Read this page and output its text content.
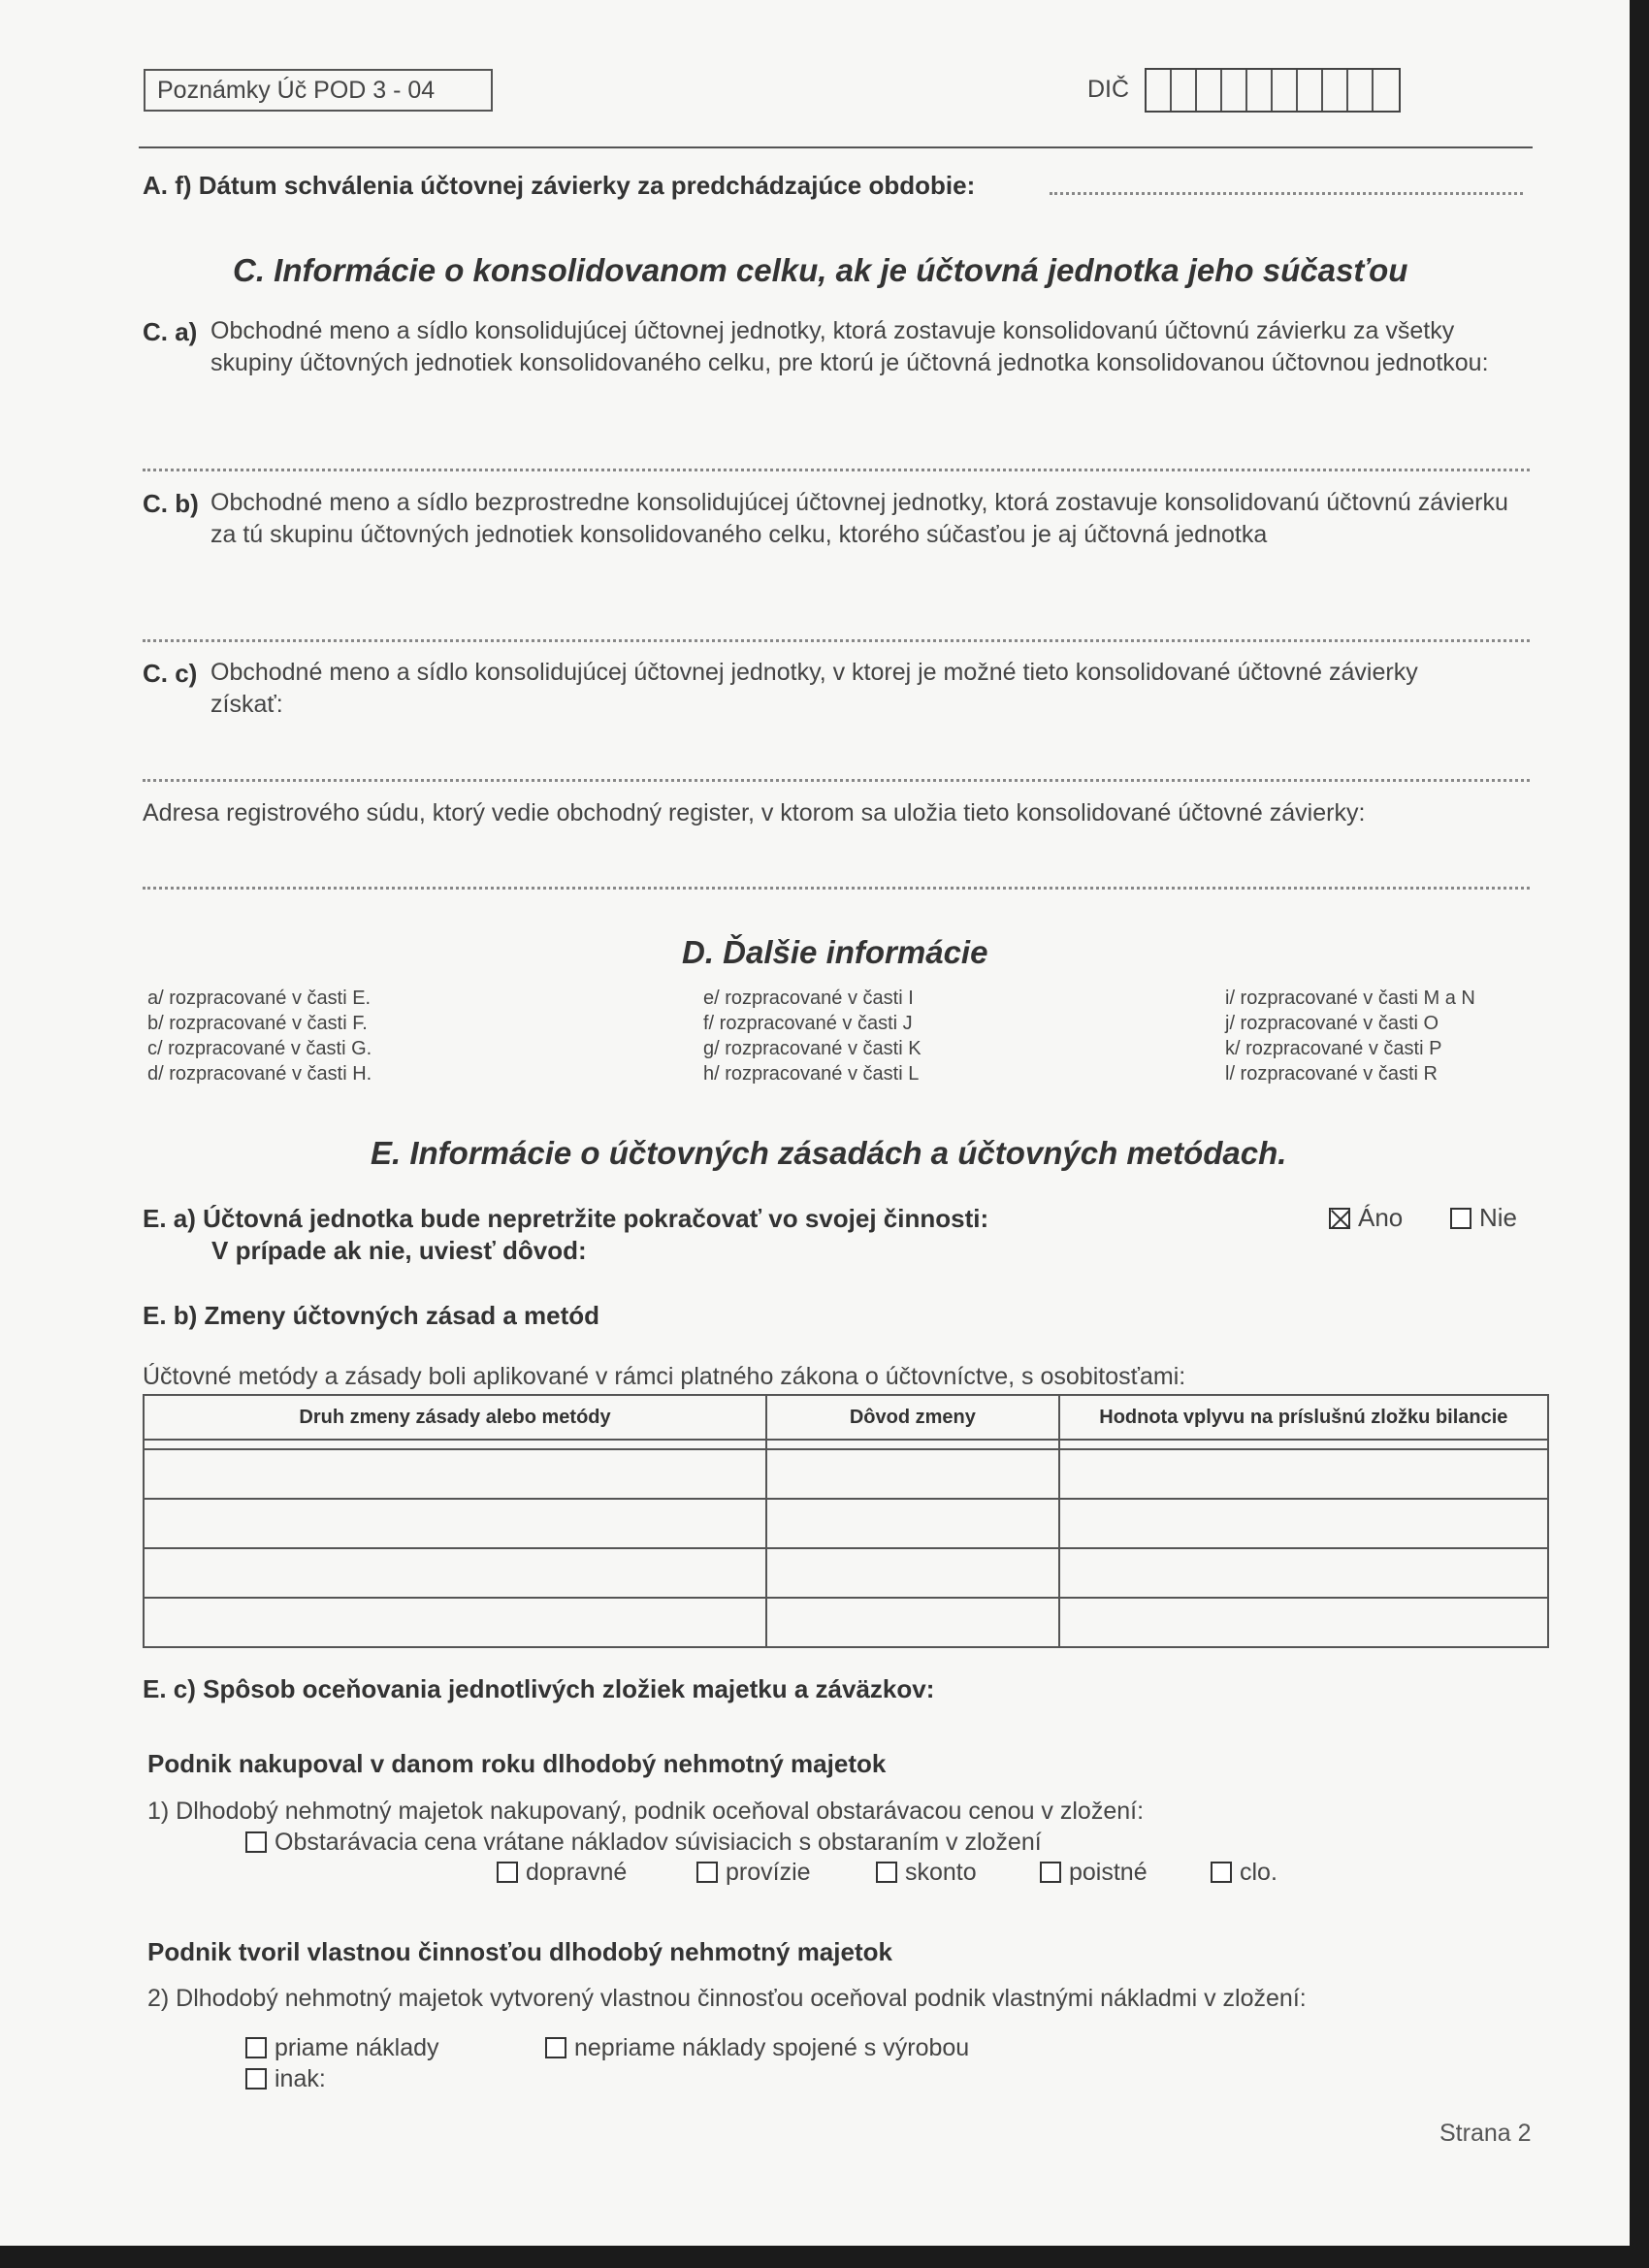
Poznámky Úč POD 3 - 04	DIČ
A. f) Dátum schválenia účtovnej závierky za predchádzajúce obdobie:
C. Informácie o konsolidovanom celku, ak je účtovná jednotka jeho súčasťou
C. a) Obchodné meno a sídlo konsolidujúcej účtovnej jednotky, ktorá zostavuje konsolidovanú účtovnú závierku za všetky skupiny účtovných jednotiek konsolidovaného celku, pre ktorú je účtovná jednotka konsolidovanou účtovnou jednotkou:
C. b) Obchodné meno a sídlo bezprostredne konsolidujúcej účtovnej jednotky, ktorá zostavuje konsolidovanú účtovnú závierku za tú skupinu účtovných jednotiek konsolidovaného celku, ktorého súčasťou je aj účtovná jednotka
C. c) Obchodné meno a sídlo konsolidujúcej účtovnej jednotky, v ktorej je možné tieto konsolidované účtovné závierky získať:
Adresa registrového súdu, ktorý vedie obchodný register, v ktorom sa uložia tieto konsolidované účtovné závierky:
D. Ďalšie informácie
a/ rozpracované v časti E.
b/ rozpracované v časti F.
c/ rozpracované v časti G.
d/ rozpracované v časti H.
e/ rozpracované v časti I
f/ rozpracované v časti J
g/ rozpracované v časti K
h/ rozpracované v časti L
i/ rozpracované v časti M a N
j/ rozpracované v časti O
k/ rozpracované v časti P
l/ rozpracované v časti R
E. Informácie o účtovných zásadách a účtovných metódach.
E. a) Účtovná jednotka bude nepretržite pokračovať vo svojej činnosti:
V prípade ak nie, uviesť dôvod:
Áno	Nie
E. b) Zmeny účtovných zásad a metód
Účtovné metódy a zásady boli aplikované v rámci platného zákona o účtovníctve, s osobitosťami:
Druh zmeny zásady alebo metódy	Dôvod zmeny	Hodnota vplyvu na príslušnú zložku bilancie

E. c) Spôsob oceňovania jednotlivých zložiek majetku a záväzkov:
Podnik nakupoval v danom roku dlhodobý nehmotný majetok
1) Dlhodobý nehmotný majetok nakupovaný, podnik oceňoval obstarávacou cenou v zložení:
Obstarávacia cena vrátane nákladov súvisiacich s obstaraním v zložení
dopravné	provízie	skonto	poistné	clo.
Podnik tvoril vlastnou činnosťou dlhodobý nehmotný majetok
2) Dlhodobý nehmotný majetok vytvorený vlastnou činnosťou oceňoval podnik vlastnými nákladmi v zložení:
priame náklady	nepriame náklady spojené s výrobou
inak:
Strana 2
